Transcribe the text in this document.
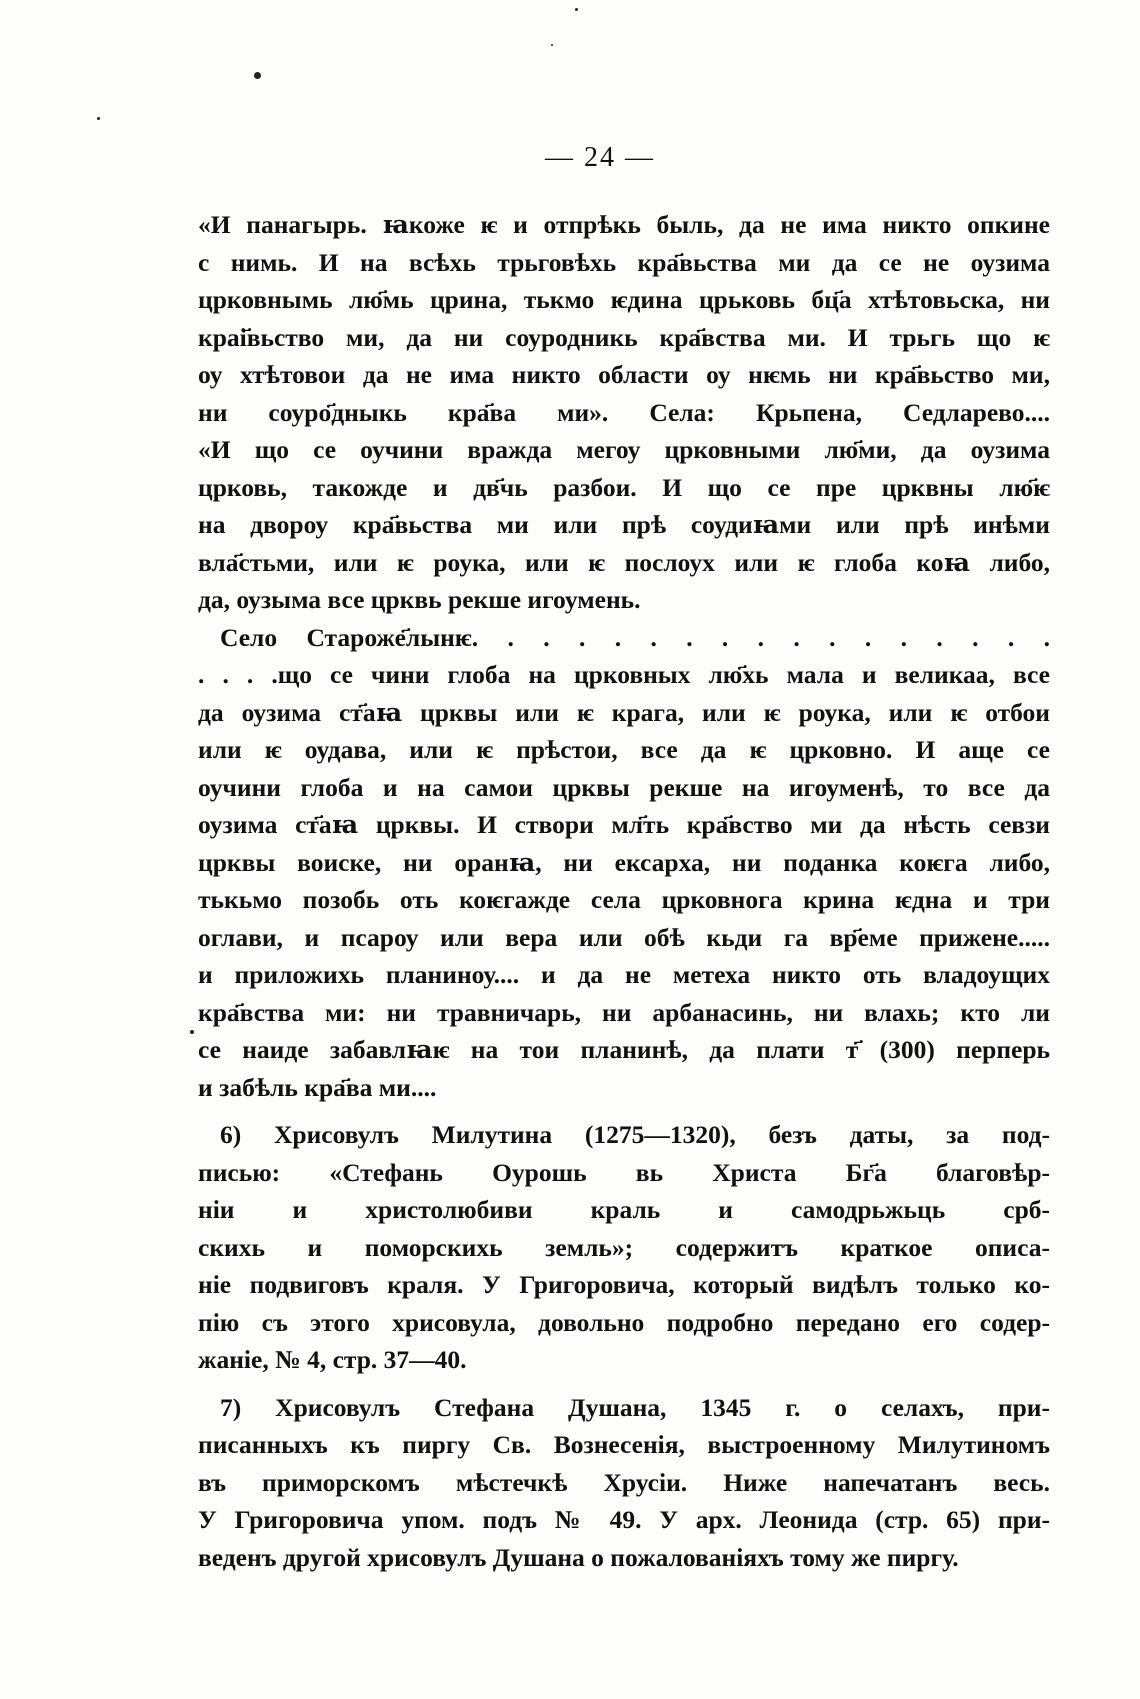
— 24 —
«И панагырь. ꙗкоже ѥ и отпрѣкь быль, да не има никто опкине
с нимь. И на всѣхь трьговѣхь кра҃вьства ми да се не оузима
црковнымь лю҃мь црина, тькмо ѥдина црьковь бц҃а хтѣтовьска, ни
краі҃вьство ми, да ни соуродникь кра҃вства ми. И трьгь що ѥ
оу хтѣтовои да не има никто области оу нѥмь ни кра҃вьство ми,
ни соуро҃дныкь кра҃ва ми». Села: Крьпена, Седларево....
«И що се оучини вражда мегоу црковными лю҃ми, да оузима
црковь, такожде и дв҃чь разбои. И що се пре црквны лю҃ѥ
на двороу кра҃вьства ми или прѣ соудиꙗми или прѣ инѣми
вла҃стьми, или ѥ роука, или ѥ послоух или ѥ глоба коꙗ либо,
да, оузыма все црквь рекше игоумень.
Село Староже҃лынѥ. . . . . . . . . . . . . . . . .
. . . .що се чини глоба на црковных лю҃хь мала и великаа, все
да оузима ст҃аꙗ црквы или ѥ крага, или ѥ роука, или ѥ отбои
или ѥ оудава, или ѥ прѣстои, все да ѥ црковно. И аще се
оучини глоба и на самои црквы рекше на игоуменѣ, то все да
оузима ст҃аꙗ црквы. И створи мл҃ть кра҃вство ми да нѣсть севзи
црквы воиске, ни оранꙗ, ни ексарха, ни поданка коѥга либо,
тькьмо позобь оть коѥгажде села црковнога крина ѥдна и три
оглави, и псароу или вера или обѣ кьди га вр҃еме прижене.....
и приложихь планиноу.... и да не метеха никто оть владоущих
кра҃вства ми: ни травничарь, ни арбанасинь, ни влахь; кто ли
се наиде забавлꙗѥ на тои планинѣ, да плати т҃ (300) перперь
и забѣль кра҃ва ми....
6) Хрисовулъ Милутина (1275—1320), безъ даты, за под-
писью: «Стефань Оурошь вь Христа Бг҃а благовѣр-
ніи и христолюбиви краль и самодрьжьць срб-
скихь и поморскихь земль»; содержитъ краткое описа-
ніе подвиговъ краля. У Григоровича, который видѣлъ только ко-
пію съ этого хрисовула, довольно подробно передано его содер-
жаніе, № 4, стр. 37—40.
7) Хрисовулъ Стефана Душана, 1345 г. о селахъ, при-
писанныхъ къ пиргу Св. Вознесенія, выстроенному Милутиномъ
въ приморскомъ мѣстечкѣ Хрусіи. Ниже напечатанъ весь.
У Григоровича упом. подъ № 49. У арх. Леонида (стр. 65) при-
веденъ другой хрисовулъ Душана о пожалованіяхъ тому же пиргу.
